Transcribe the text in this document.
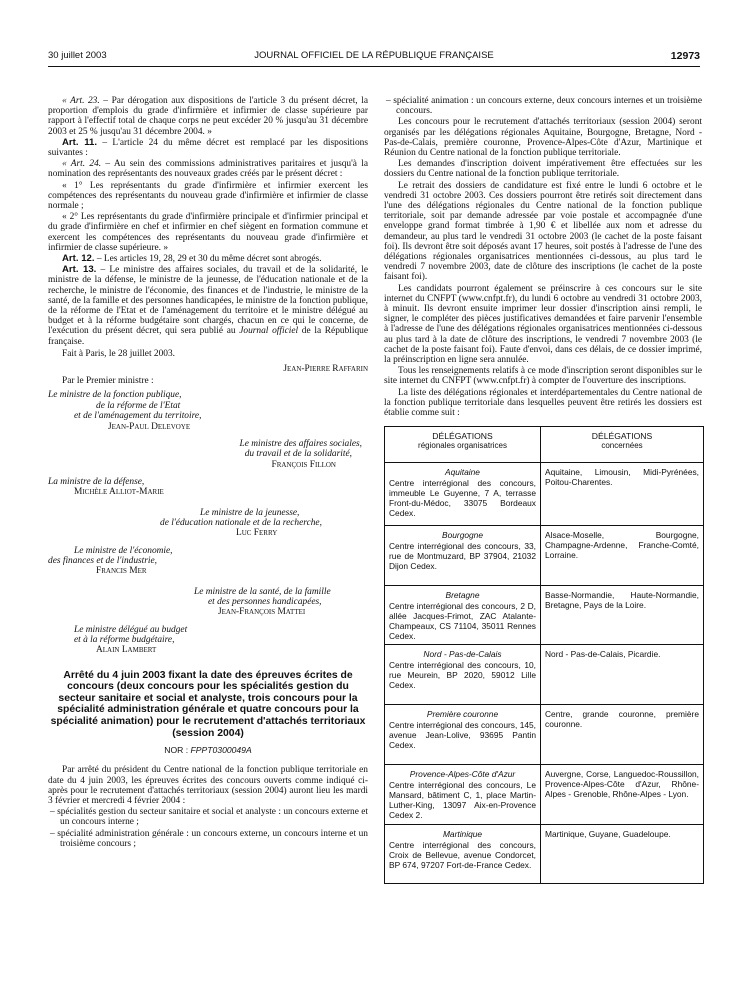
30 juillet 2003	JOURNAL OFFICIEL DE LA RÉPUBLIQUE FRANÇAISE	12973

« Art. 23. – Par dérogation aux dispositions de l'article 3 du présent décret, la proportion d'emplois du grade d'infirmière et infirmier de classe supérieure par rapport à l'effectif total de chaque corps ne peut excéder 20 % jusqu'au 31 décembre 2003 et 25 % jusqu'au 31 décembre 2004. »

Art. 11. – L'article 24 du même décret est remplacé par les dispositions suivantes :

« Art. 24. – Au sein des commissions administratives paritaires et jusqu'à la nomination des représentants des nouveaux grades créés par le présent décret :

« 1° Les représentants du grade d'infirmière et infirmier exercent les compétences des représentants du nouveau grade d'infirmière et infirmier de classe normale ;

« 2° Les représentants du grade d'infirmière principale et d'infirmier principal et du grade d'infirmière en chef et infirmier en chef siègent en formation commune et exercent les compétences des représentants du nouveau grade d'infirmière et infirmier de classe supérieure. »

Art. 12. – Les articles 19, 28, 29 et 30 du même décret sont abrogés.

Art. 13. – Le ministre des affaires sociales, du travail et de la solidarité, le ministre de la défense, le ministre de la jeunesse, de l'éducation nationale et de la recherche, le ministre de l'économie, des finances et de l'industrie, le ministre de la santé, de la famille et des personnes handicapées, le ministre de la fonction publique, de la réforme de l'Etat et de l'aménagement du territoire et le ministre délégué au budget et à la réforme budgétaire sont chargés, chacun en ce qui le concerne, de l'exécution du présent décret, qui sera publié au Journal officiel de la République française.

Fait à Paris, le 28 juillet 2003.

Jean-Pierre Raffarin

Par le Premier ministre :

Le ministre de la fonction publique,

de la réforme de l'Etat

et de l'aménagement du territoire,

Jean-Paul Delevoye

Le ministre des affaires sociales,

du travail et de la solidarité,

François Fillon

La ministre de la défense,

Michèle Alliot-Marie

Le ministre de la jeunesse,

de l'éducation nationale et de la recherche,

Luc Ferry

Le ministre de l'économie,

des finances et de l'industrie,

Francis Mer

Le ministre de la santé, de la famille

et des personnes handicapées,

Jean-François Mattei

Le ministre délégué au budget

et à la réforme budgétaire,

Alain Lambert

Arrêté du 4 juin 2003 fixant la date des épreuves écrites de concours (deux concours pour les spécialités gestion du secteur sanitaire et social et analyste, trois concours pour la spécialité administration générale et quatre concours pour la spécialité animation) pour le recrutement d'attachés territoriaux (session 2004)
NOR : FPPT0300049A

Par arrêté du président du Centre national de la fonction publique territoriale en date du 4 juin 2003, les épreuves écrites des concours ouverts comme indiqué ci-après pour le recrutement d'attachés territoriaux (session 2004) auront lieu les mardi 3 février et mercredi 4 février 2004 :

– spécialités gestion du secteur sanitaire et social et analyste : un concours externe et un concours interne ;
– spécialité administration générale : un concours externe, un concours interne et un troisième concours ;
– spécialité animation : un concours externe, deux concours internes et un troisième concours.

Les concours pour le recrutement d'attachés territoriaux (session 2004) seront organisés par les délégations régionales Aquitaine, Bourgogne, Bretagne, Nord - Pas-de-Calais, première couronne, Provence-Alpes-Côte d'Azur, Martinique et Réunion du Centre national de la fonction publique territoriale.

Les demandes d'inscription doivent impérativement être effectuées sur les dossiers du Centre national de la fonction publique territoriale.

Le retrait des dossiers de candidature est fixé entre le lundi 6 octobre et le vendredi 31 octobre 2003. Ces dossiers pourront être retirés soit directement dans l'une des délégations régionales du Centre national de la fonction publique territoriale, soit par demande adressée par voie postale et accompagnée d'une enveloppe grand format timbrée à 1,90 € et libellée aux nom et adresse du demandeur, au plus tard le vendredi 31 octobre 2003 (le cachet de la poste faisant foi). Ils devront être soit déposés avant 17 heures, soit postés à l'adresse de l'une des délégations régionales organisatrices mentionnées ci-dessous, au plus tard le vendredi 7 novembre 2003, date de clôture des inscriptions (le cachet de la poste faisant foi).

Les candidats pourront également se préinscrire à ces concours sur le site internet du CNFPT (www.cnfpt.fr), du lundi 6 octobre au vendredi 31 octobre 2003, à minuit. Ils devront ensuite imprimer leur dossier d'inscription ainsi rempli, le signer, le compléter des pièces justificatives demandées et faire parvenir l'ensemble à l'adresse de l'une des délégations régionales organisatrices mentionnées ci-dessous au plus tard à la date de clôture des inscriptions, le vendredi 7 novembre 2003 (le cachet de la poste faisant foi). Faute d'envoi, dans ces délais, de ce dossier imprimé, la préinscription en ligne sera annulée.

Tous les renseignements relatifs à ce mode d'inscription seront disponibles sur le site internet du CNFPT (www.cnfpt.fr) à compter de l'ouverture des inscriptions.

La liste des délégations régionales et interdépartementales du Centre national de la fonction publique territoriale dans lesquelles peuvent être retirés les dossiers est établie comme suit :

DÉLÉGATIONS
régionales organisatrices	DÉLÉGATIONS
concernées

Aquitaine
Centre interrégional des concours, immeuble Le Guyenne, 7 A, terrasse Front-du-Médoc, 33075 Bordeaux Cedex.	Aquitaine, Limousin, Midi-Pyrénées, Poitou-Charentes.

Bourgogne
Centre interrégional des concours, 33, rue de Montmuzard, BP 37904, 21032 Dijon Cedex.	Alsace-Moselle, Bourgogne, Champagne-Ardenne, Franche-Comté, Lorraine.

Bretagne
Centre interrégional des concours, 2 D, allée Jacques-Frimot, ZAC Atalante-Champeaux, CS 71104, 35011 Rennes Cedex.	Basse-Normandie, Haute-Normandie, Bretagne, Pays de la Loire.

Nord - Pas-de-Calais
Centre interrégional des concours, 10, rue Meurein, BP 2020, 59012 Lille Cedex.	Nord - Pas-de-Calais, Picardie.

Première couronne
Centre interrégional des concours, 145, avenue Jean-Lolive, 93695 Pantin Cedex.	Centre, grande couronne, première couronne.

Provence-Alpes-Côte d'Azur
Centre interrégional des concours, Le Mansard, bâtiment C, 1, place Martin-Luther-King, 13097 Aix-en-Provence Cedex 2.	Auvergne, Corse, Languedoc-Roussillon, Provence-Alpes-Côte d'Azur, Rhône-Alpes - Grenoble, Rhône-Alpes - Lyon.

Martinique
Centre interrégional des concours, Croix de Bellevue, avenue Condorcet, BP 674, 97207 Fort-de-France Cedex.	Martinique, Guyane, Guadeloupe.
